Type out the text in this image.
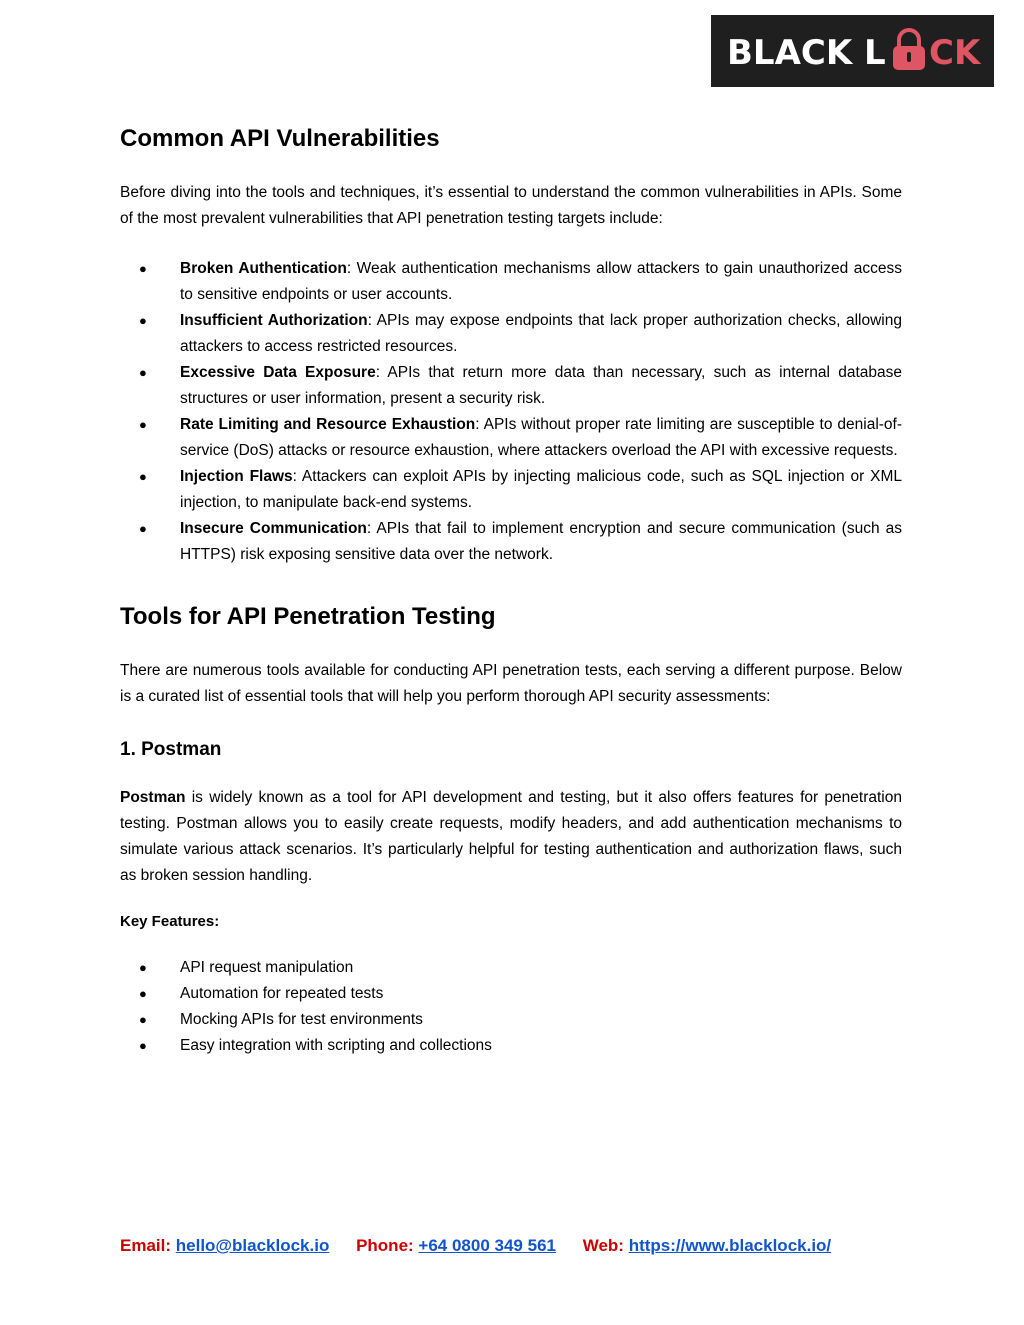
BLACK L CK
Common API Vulnerabilities

Before diving into the tools and techniques, it’s essential to understand the common vulnerabilities in APIs. Some of the most prevalent vulnerabilities that API penetration testing targets include:

● Broken Authentication: Weak authentication mechanisms allow attackers to gain unauthorized access to sensitive endpoints or user accounts.
● Insufficient Authorization: APIs may expose endpoints that lack proper authorization checks, allowing attackers to access restricted resources.
● Excessive Data Exposure: APIs that return more data than necessary, such as internal database structures or user information, present a security risk.
● Rate Limiting and Resource Exhaustion: APIs without proper rate limiting are susceptible to denial-of-service (DoS) attacks or resource exhaustion, where attackers overload the API with excessive requests.
● Injection Flaws: Attackers can exploit APIs by injecting malicious code, such as SQL injection or XML injection, to manipulate back-end systems.
● Insecure Communication: APIs that fail to implement encryption and secure communication (such as HTTPS) risk exposing sensitive data over the network.
Tools for API Penetration Testing

There are numerous tools available for conducting API penetration tests, each serving a different purpose. Below is a curated list of essential tools that will help you perform thorough API security assessments:

1. Postman

Postman is widely known as a tool for API development and testing, but it also offers features for penetration testing. Postman allows you to easily create requests, modify headers, and add authentication mechanisms to simulate various attack scenarios. It’s particularly helpful for testing authentication and authorization flaws, such as broken session handling.

Key Features:

● API request manipulation
● Automation for repeated tests
● Mocking APIs for test environments
● Easy integration with scripting and collections
Email: hello@blacklock.io Phone: +64 0800 349 561 Web: https://www.blacklock.io/
